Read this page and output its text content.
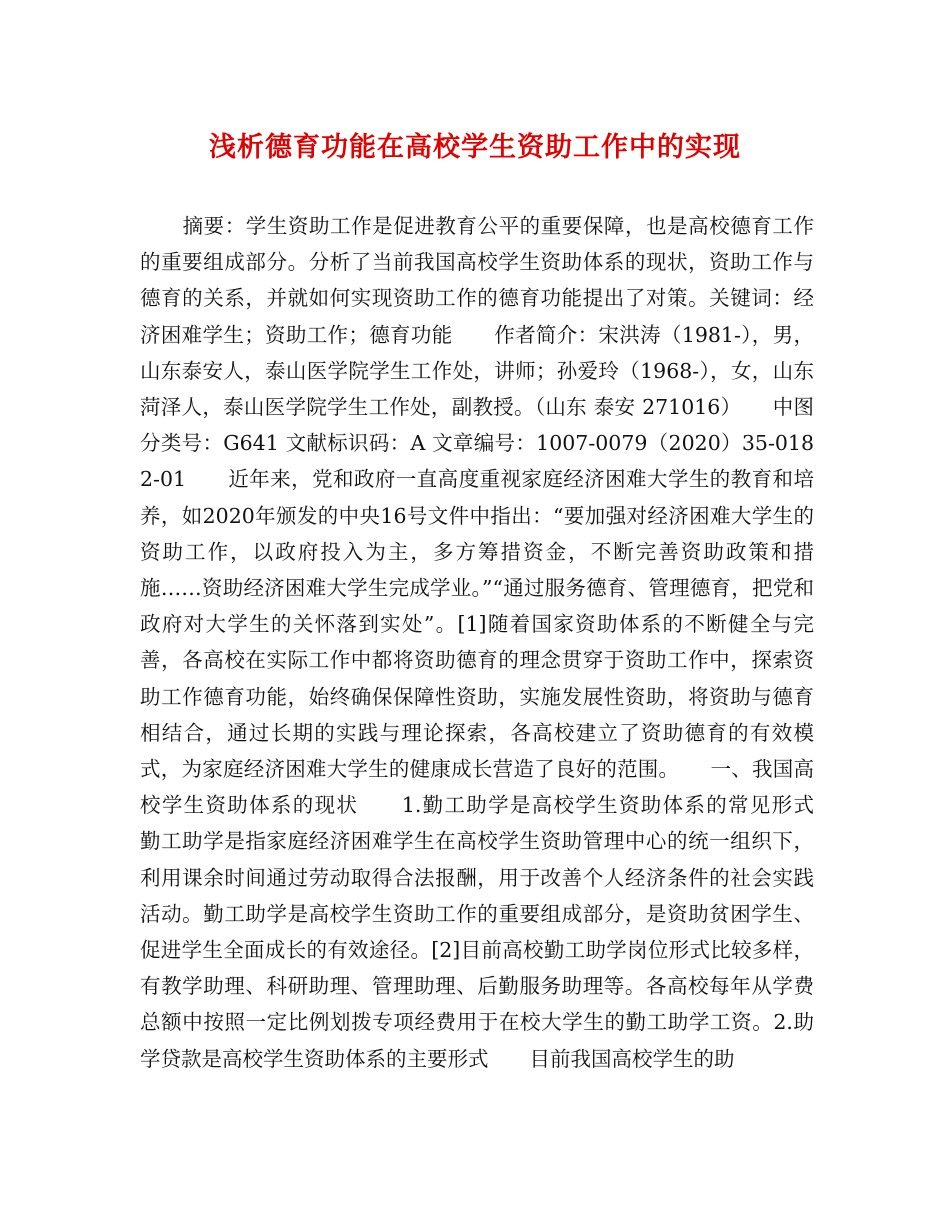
浅析德育功能在高校学生资助工作中的实现

摘要：学生资助工作是促进教育公平的重要保障，也是高校德育工作的重要组成部分。分析了当前我国高校学生资助体系的现状，资助工作与德育的关系，并就如何实现资助工作的德育功能提出了对策。关键词：经济困难学生；资助工作；德育功能　　作者简介：宋洪涛（1981-），男，山东泰安人，泰山医学院学生工作处，讲师；孙爱玲（1968-），女，山东菏泽人，泰山医学院学生工作处，副教授。（山东 泰安 271016）　　中图分类号：G641 文献标识码：A 文章编号：1007-0079（2020）35-0182-01　　近年来，党和政府一直高度重视家庭经济困难大学生的教育和培养，如2020年颁发的中央16号文件中指出：“要加强对经济困难大学生的资助工作，以政府投入为主，多方筹措资金，不断完善资助政策和措施……资助经济困难大学生完成学业。”“通过服务德育、管理德育，把党和政府对大学生的关怀落到实处”。[1]随着国家资助体系的不断健全与完善，各高校在实际工作中都将资助德育的理念贯穿于资助工作中，探索资助工作德育功能，始终确保保障性资助，实施发展性资助，将资助与德育相结合，通过长期的实践与理论探索，各高校建立了资助德育的有效模式，为家庭经济困难大学生的健康成长营造了良好的范围。　　一、我国高校学生资助体系的现状　　1.勤工助学是高校学生资助体系的常见形式　　勤工助学是指家庭经济困难学生在高校学生资助管理中心的统一组织下，利用课余时间通过劳动取得合法报酬，用于改善个人经济条件的社会实践活动。勤工助学是高校学生资助工作的重要组成部分，是资助贫困学生、促进学生全面成长的有效途径。[2]目前高校勤工助学岗位形式比较多样，有教学助理、科研助理、管理助理、后勤服务助理等。各高校每年从学费总额中按照一定比例划拨专项经费用于在校大学生的勤工助学工资。2.助学贷款是高校学生资助体系的主要形式　　目前我国高校学生的助
